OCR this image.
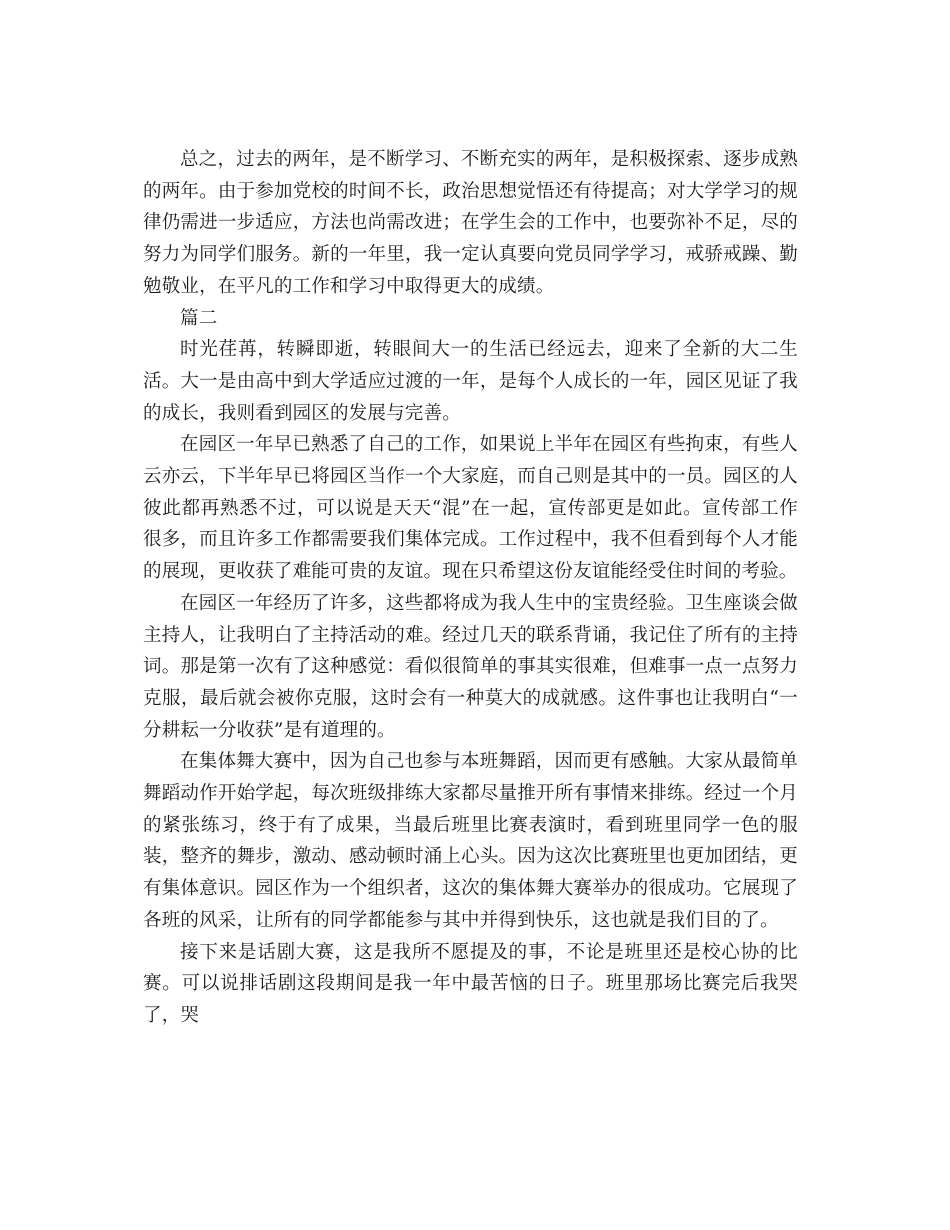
总之，过去的两年，是不断学习、不断充实的两年，是积极探索、逐步成熟的两年。由于参加党校的时间不长，政治思想觉悟还有待提高；对大学学习的规律仍需进一步适应，方法也尚需改进；在学生会的工作中，也要弥补不足，尽的努力为同学们服务。新的一年里，我一定认真要向党员同学学习，戒骄戒躁、勤勉敬业，在平凡的工作和学习中取得更大的成绩。

篇二

时光荏苒，转瞬即逝，转眼间大一的生活已经远去，迎来了全新的大二生活。大一是由高中到大学适应过渡的一年，是每个人成长的一年，园区见证了我的成长，我则看到园区的发展与完善。

在园区一年早已熟悉了自己的工作，如果说上半年在园区有些拘束，有些人云亦云，下半年早已将园区当作一个大家庭，而自己则是其中的一员。园区的人彼此都再熟悉不过，可以说是天天“混”在一起，宣传部更是如此。宣传部工作很多，而且许多工作都需要我们集体完成。工作过程中，我不但看到每个人才能的展现，更收获了难能可贵的友谊。现在只希望这份友谊能经受住时间的考验。

在园区一年经历了许多，这些都将成为我人生中的宝贵经验。卫生座谈会做主持人，让我明白了主持活动的难。经过几天的联系背诵，我记住了所有的主持词。那是第一次有了这种感觉：看似很简单的事其实很难，但难事一点一点努力克服，最后就会被你克服，这时会有一种莫大的成就感。这件事也让我明白“一分耕耘一分收获”是有道理的。

在集体舞大赛中，因为自己也参与本班舞蹈，因而更有感触。大家从最简单舞蹈动作开始学起，每次班级排练大家都尽量推开所有事情来排练。经过一个月的紧张练习，终于有了成果，当最后班里比赛表演时，看到班里同学一色的服装，整齐的舞步，激动、感动顿时涌上心头。因为这次比赛班里也更加团结，更有集体意识。园区作为一个组织者，这次的集体舞大赛举办的很成功。它展现了各班的风采，让所有的同学都能参与其中并得到快乐，这也就是我们目的了。

接下来是话剧大赛，这是我所不愿提及的事，不论是班里还是校心协的比赛。可以说排话剧这段期间是我一年中最苦恼的日子。班里那场比赛完后我哭了，哭
